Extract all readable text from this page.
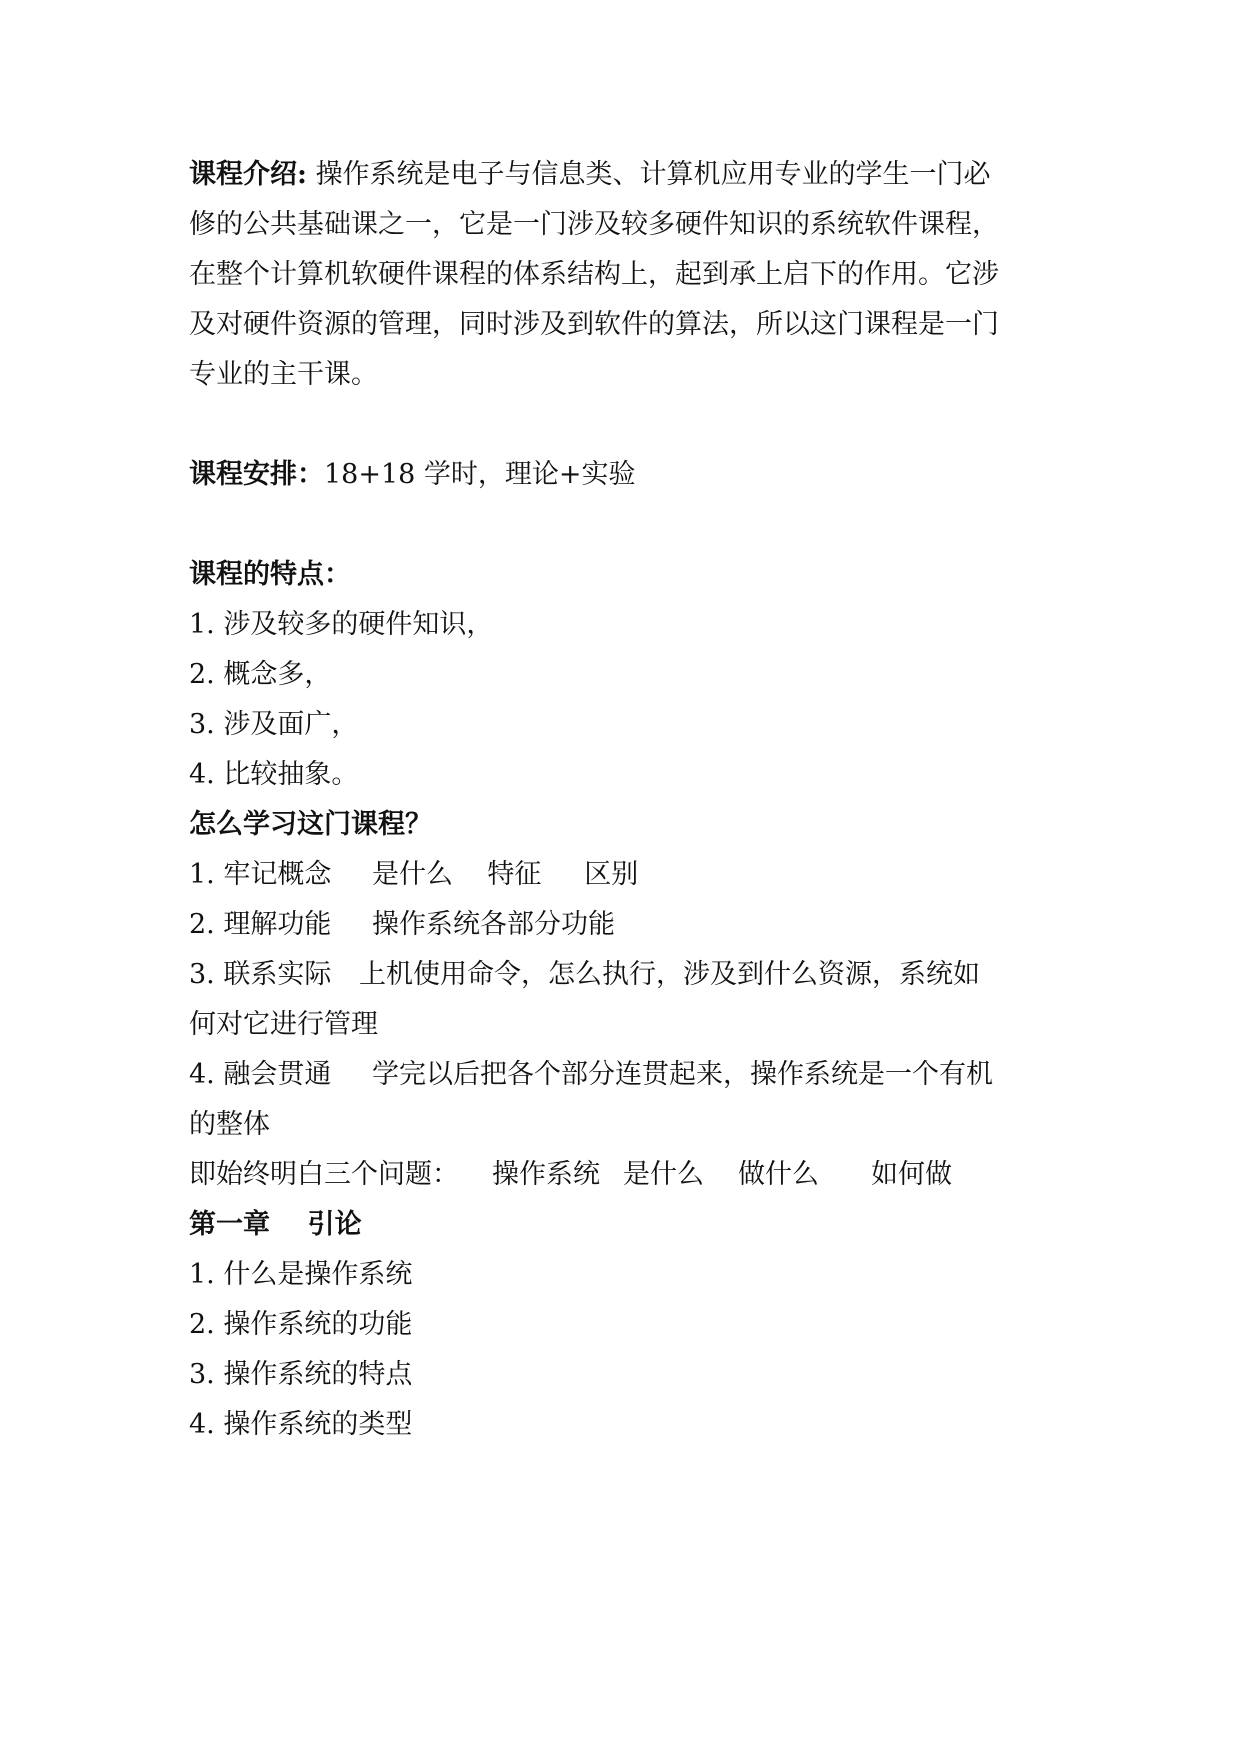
课程介绍: 操作系统是电子与信息类、计算机应用专业的学生一门必
修的公共基础课之一，它是一门涉及较多硬件知识的系统软件课程，
在整个计算机软硬件课程的体系结构上，起到承上启下的作用。它涉
及对硬件资源的管理，同时涉及到软件的算法，所以这门课程是一门
专业的主干课。
课程安排：18+18 学时，理论+实验
课程的特点：
1. 涉及较多的硬件知识，
2. 概念多，
3. 涉及面广，
4. 比较抽象。
怎么学习这门课程？
1. 牢记概念 是什么    特征     区别
2. 理解功能 操作系统各部分功能
3. 联系实际 上机使用命令，怎么执行，涉及到什么资源，系统如
何对它进行管理
4. 融会贯通 学完以后把各个部分连贯起来，操作系统是一个有机
的整体
即始终明白三个问题： 操作系统 是什么 做什么 如何做
第一章    引论
1. 什么是操作系统
2. 操作系统的功能
3. 操作系统的特点
4. 操作系统的类型
